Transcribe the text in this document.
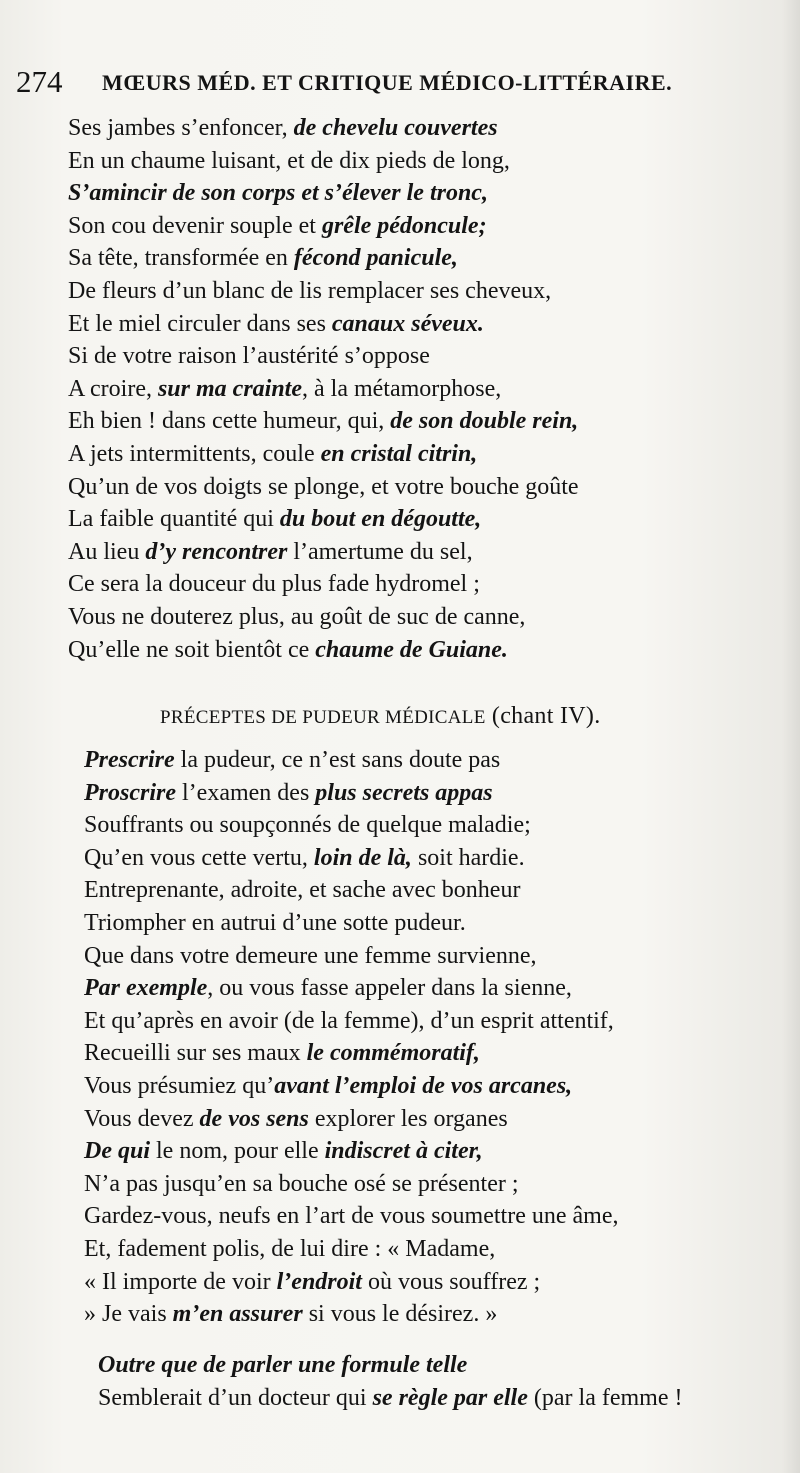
274 MŒURS MÉD. ET CRITIQUE MÉDICO-LITTÉRAIRE.
Ses jambes s’enfoncer, de chevelu couvertes
En un chaume luisant, et de dix pieds de long,
S’amincir de son corps et s’élever le tronc,
Son cou devenir souple et grêle pédoncule;
Sa tête, transformée en fécond panicule,
De fleurs d’un blanc de lis remplacer ses cheveux,
Et le miel circuler dans ses canaux séveux.
Si de votre raison l’austérité s’oppose
A croire, sur ma crainte, à la métamorphose,
Eh bien ! dans cette humeur, qui, de son double rein,
A jets intermittents, coule en cristal citrin,
Qu’un de vos doigts se plonge, et votre bouche goûte
La faible quantité qui du bout en dégoutte,
Au lieu d’y rencontrer l’amertume du sel,
Ce sera la douceur du plus fade hydromel ;
Vous ne douterez plus, au goût de suc de canne,
Qu’elle ne soit bientôt ce chaume de Guiane.
PRÉCEPTES DE PUDEUR MÉDICALE (chant IV).
Prescrire la pudeur, ce n’est sans doute pas
Proscrire l’examen des plus secrets appas
Souffrants ou soupçonnés de quelque maladie;
Qu’en vous cette vertu, loin de là, soit hardie.
Entreprenante, adroite, et sache avec bonheur
Triompher en autrui d’une sotte pudeur.
Que dans votre demeure une femme survienne,
Par exemple, ou vous fasse appeler dans la sienne,
Et qu’après en avoir (de la femme), d’un esprit attentif,
Recueilli sur ses maux le commémoratif,
Vous présumiez qu’avant l’emploi de vos arcanes,
Vous devez de vos sens explorer les organes
De qui le nom, pour elle indiscret à citer,
N’a pas jusqu’en sa bouche osé se présenter ;
Gardez-vous, neufs en l’art de vous soumettre une âme,
Et, fadement polis, de lui dire : « Madame,
« Il importe de voir l’endroit où vous souffrez ;
» Je vais m’en assurer si vous le désirez. »
Outre que de parler une formule telle
Semblerait d’un docteur qui se règle par elle (par la femme !
